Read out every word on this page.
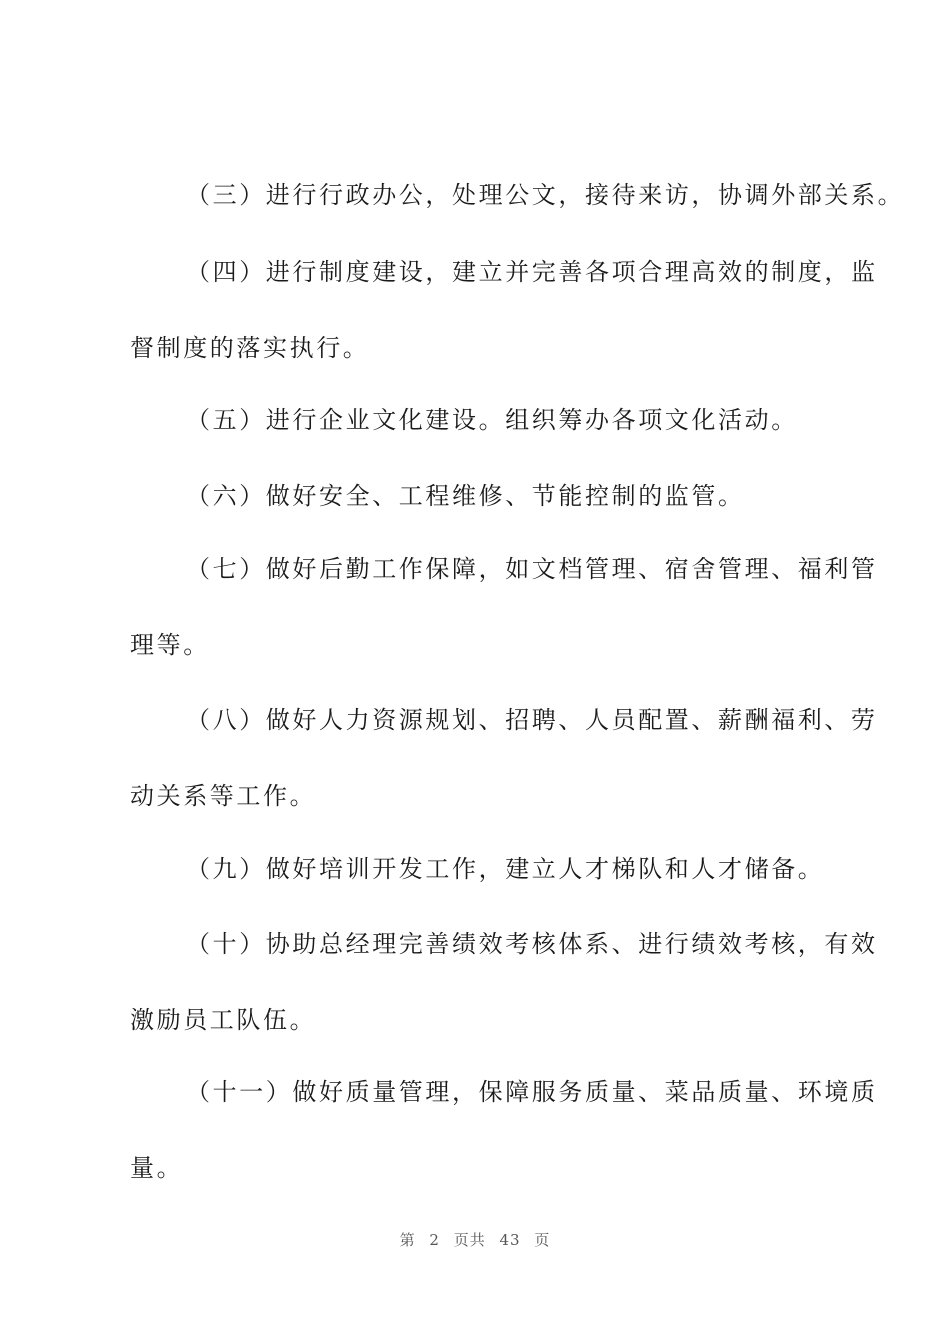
（三）进行行政办公，处理公文，接待来访，协调外部关系。
（四）进行制度建设，建立并完善各项合理高效的制度，监
督制度的落实执行。
（五）进行企业文化建设。组织筹办各项文化活动。
（六）做好安全、工程维修、节能控制的监管。
（七）做好后勤工作保障，如文档管理、宿舍管理、福利管
理等。
（八）做好人力资源规划、招聘、人员配置、薪酬福利、劳
动关系等工作。
（九）做好培训开发工作，建立人才梯队和人才储备。
（十）协助总经理完善绩效考核体系、进行绩效考核，有效
激励员工队伍。
（十一）做好质量管理，保障服务质量、菜品质量、环境质
量。
第 2 页共 43 页
